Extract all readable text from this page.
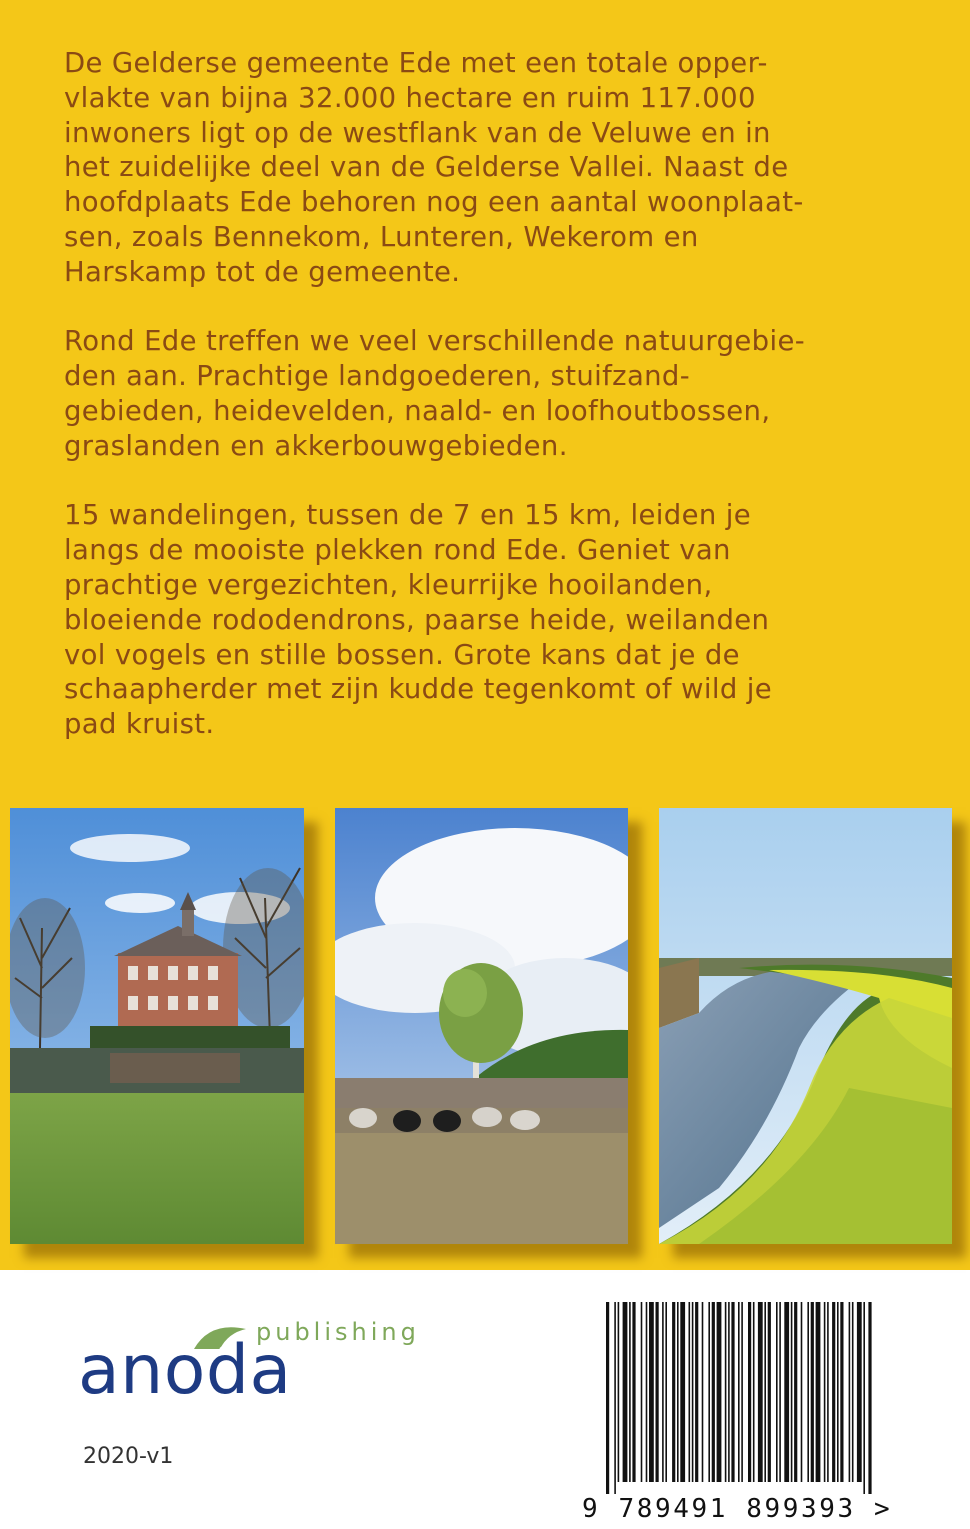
De Gelderse gemeente Ede met een totale opper-
vlakte van bijna 32.000 hectare en ruim 117.000
inwoners ligt op de westflank van de Veluwe en in
het zuidelijke deel van de Gelderse Vallei. Naast de
hoofdplaats Ede behoren nog een aantal woonplaat-
sen, zoals Bennekom, Lunteren, Wekerom en
Harskamp tot de gemeente.

Rond Ede treffen we veel verschillende natuurgebie-
den aan. Prachtige landgoederen, stuifzand-
gebieden, heidevelden, naald- en loofhoutbossen,
graslanden en akkerbouwgebieden.

15 wandelingen, tussen de 7 en 15 km, leiden je
langs de mooiste plekken rond Ede. Geniet van
prachtige vergezichten, kleurrijke hooilanden,
bloeiende rododendrons, paarse heide, weilanden
vol vogels en stille bossen. Grote kans dat je de
schaapherder met zijn kudde tegenkomt of wild je
pad kruist.

anoda
publishing
2020-v1
9 789491 899393 >
